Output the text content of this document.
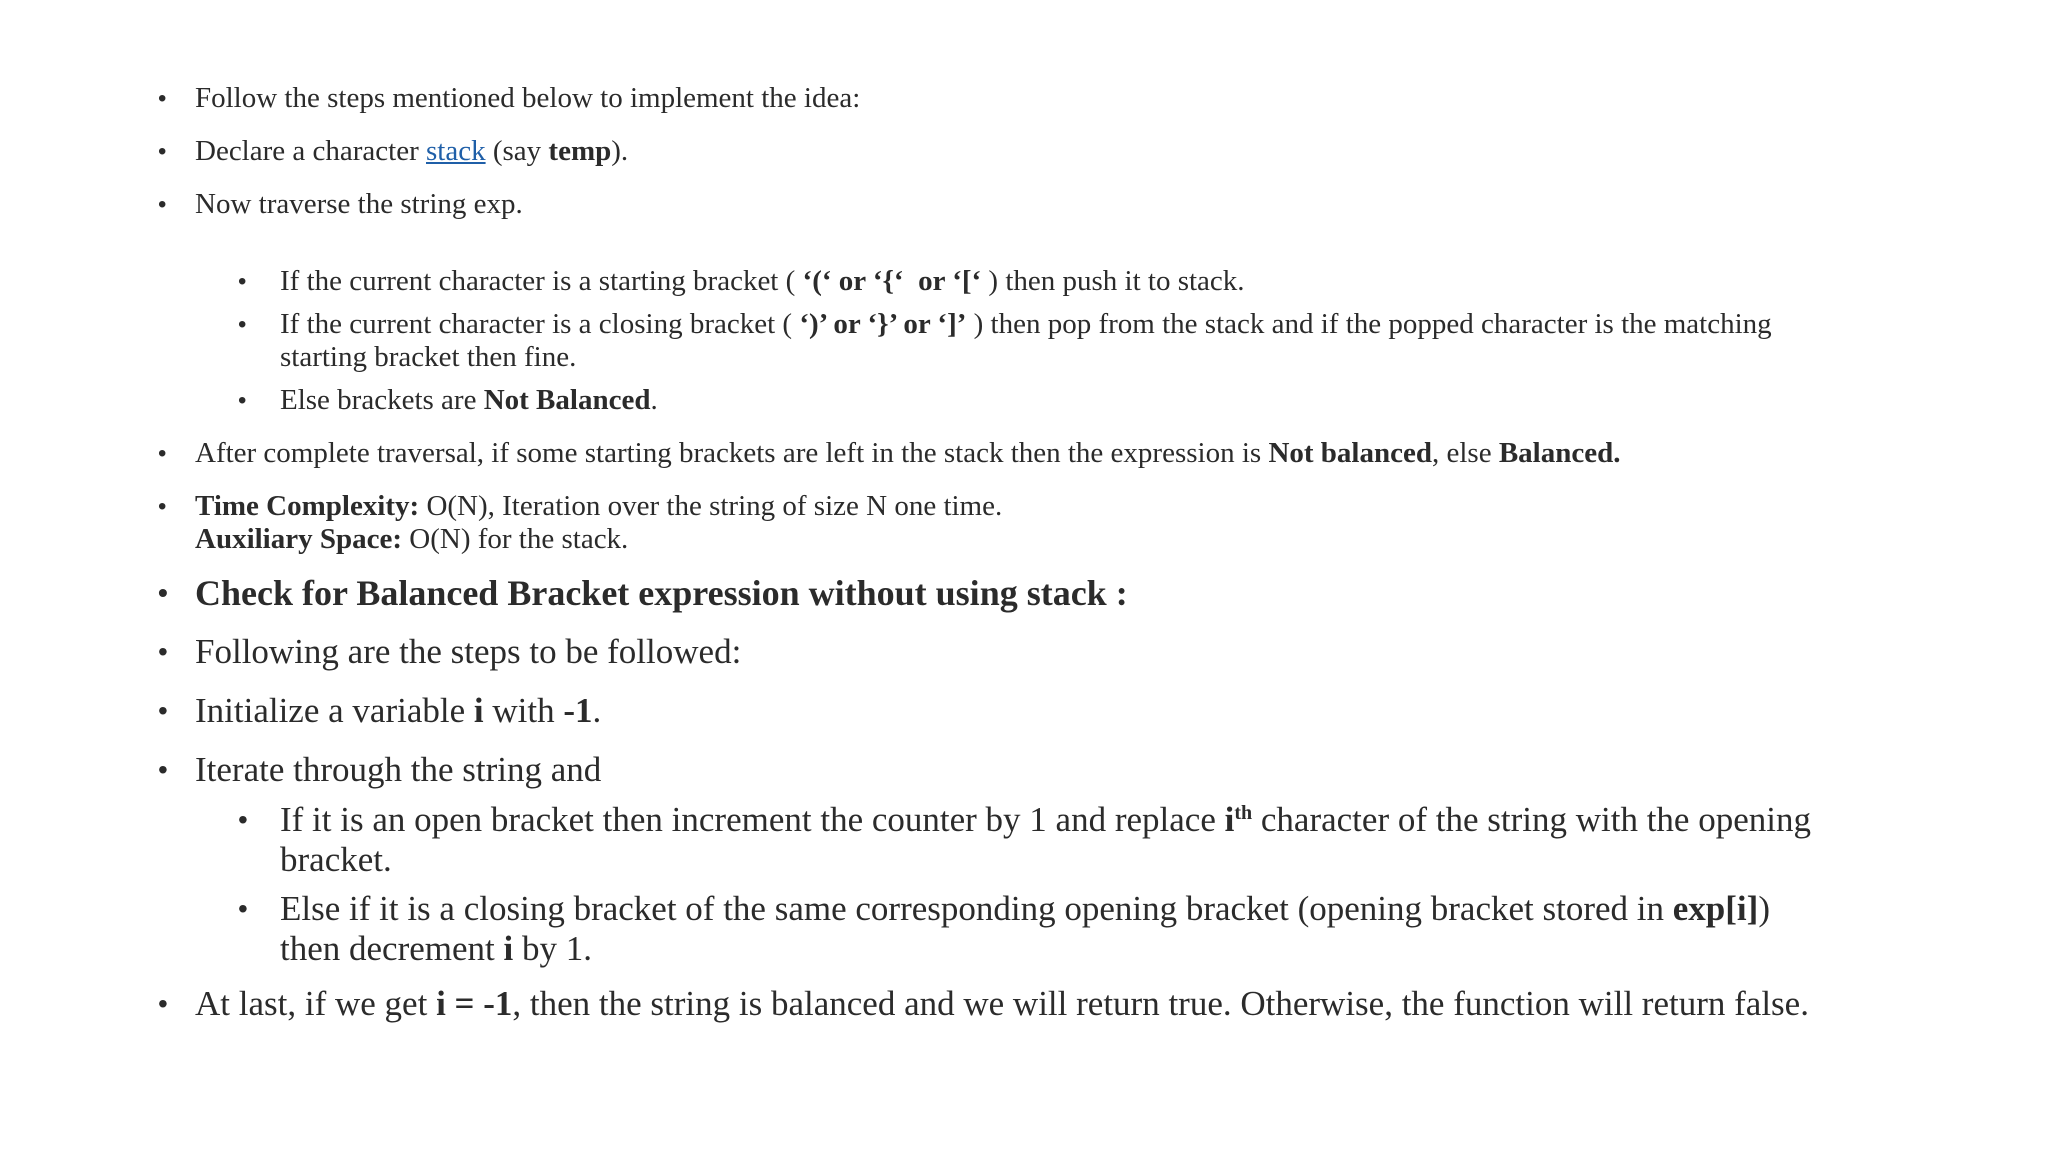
• Follow the steps mentioned below to implement the idea:

• Declare a character stack (say temp).

• Now traverse the string exp.

• If the current character is a starting bracket ( ‘(‘ or ‘{‘  or ‘[‘ ) then push it to stack.

• If the current character is a closing bracket ( ‘)’ or ‘}’ or ‘]’ ) then pop from the stack and if the popped character is the matching
starting bracket then fine.

• Else brackets are Not Balanced.

• After complete traversal, if some starting brackets are left in the stack then the expression is Not balanced, else Balanced.

• Time Complexity: O(N), Iteration over the string of size N one time.
Auxiliary Space: O(N) for the stack.

• Check for Balanced Bracket expression without using stack :

• Following are the steps to be followed:

• Initialize a variable i with -1.

• Iterate through the string and

• If it is an open bracket then increment the counter by 1 and replace $i^{th}$ character of the string with the opening
bracket.

• Else if it is a closing bracket of the same corresponding opening bracket (opening bracket stored in exp[i])
then decrement i by 1.

• At last, if we get i = -1, then the string is balanced and we will return true. Otherwise, the function will return false.
